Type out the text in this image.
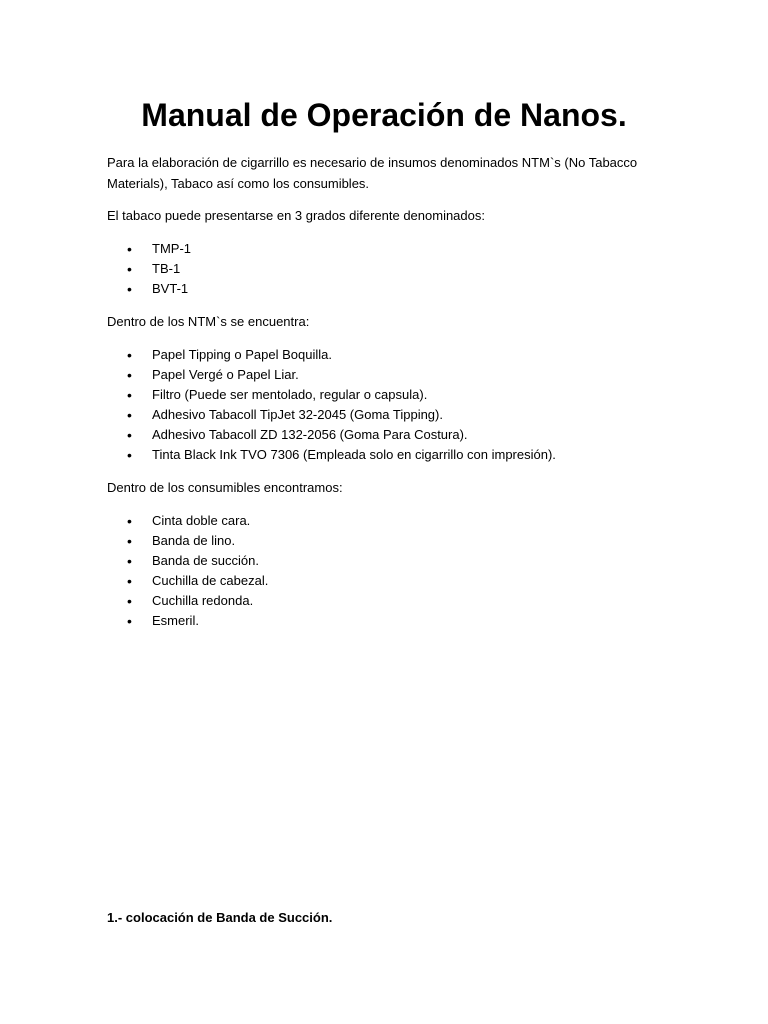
Manual de Operación de Nanos.

Para la elaboración de cigarrillo es necesario de insumos denominados NTM`s (No Tabacco

Materials), Tabaco así como los consumibles.

El tabaco puede presentarse en 3 grados diferente denominados:

• TMP-1
• TB-1
• BVT-1

Dentro de los NTM`s se encuentra:

• Papel Tipping o Papel Boquilla.
• Papel Vergé o Papel Liar.
• Filtro (Puede ser mentolado, regular o capsula).
• Adhesivo Tabacoll TipJet 32-2045 (Goma Tipping).
• Adhesivo Tabacoll ZD 132-2056 (Goma Para Costura).
• Tinta Black Ink TVO 7306 (Empleada solo en cigarrillo con impresión).

Dentro de los consumibles encontramos:

• Cinta doble cara.
• Banda de lino.
• Banda de succión.
• Cuchilla de cabezal.
• Cuchilla redonda.
• Esmeril.

1.- colocación de Banda de Succión.
